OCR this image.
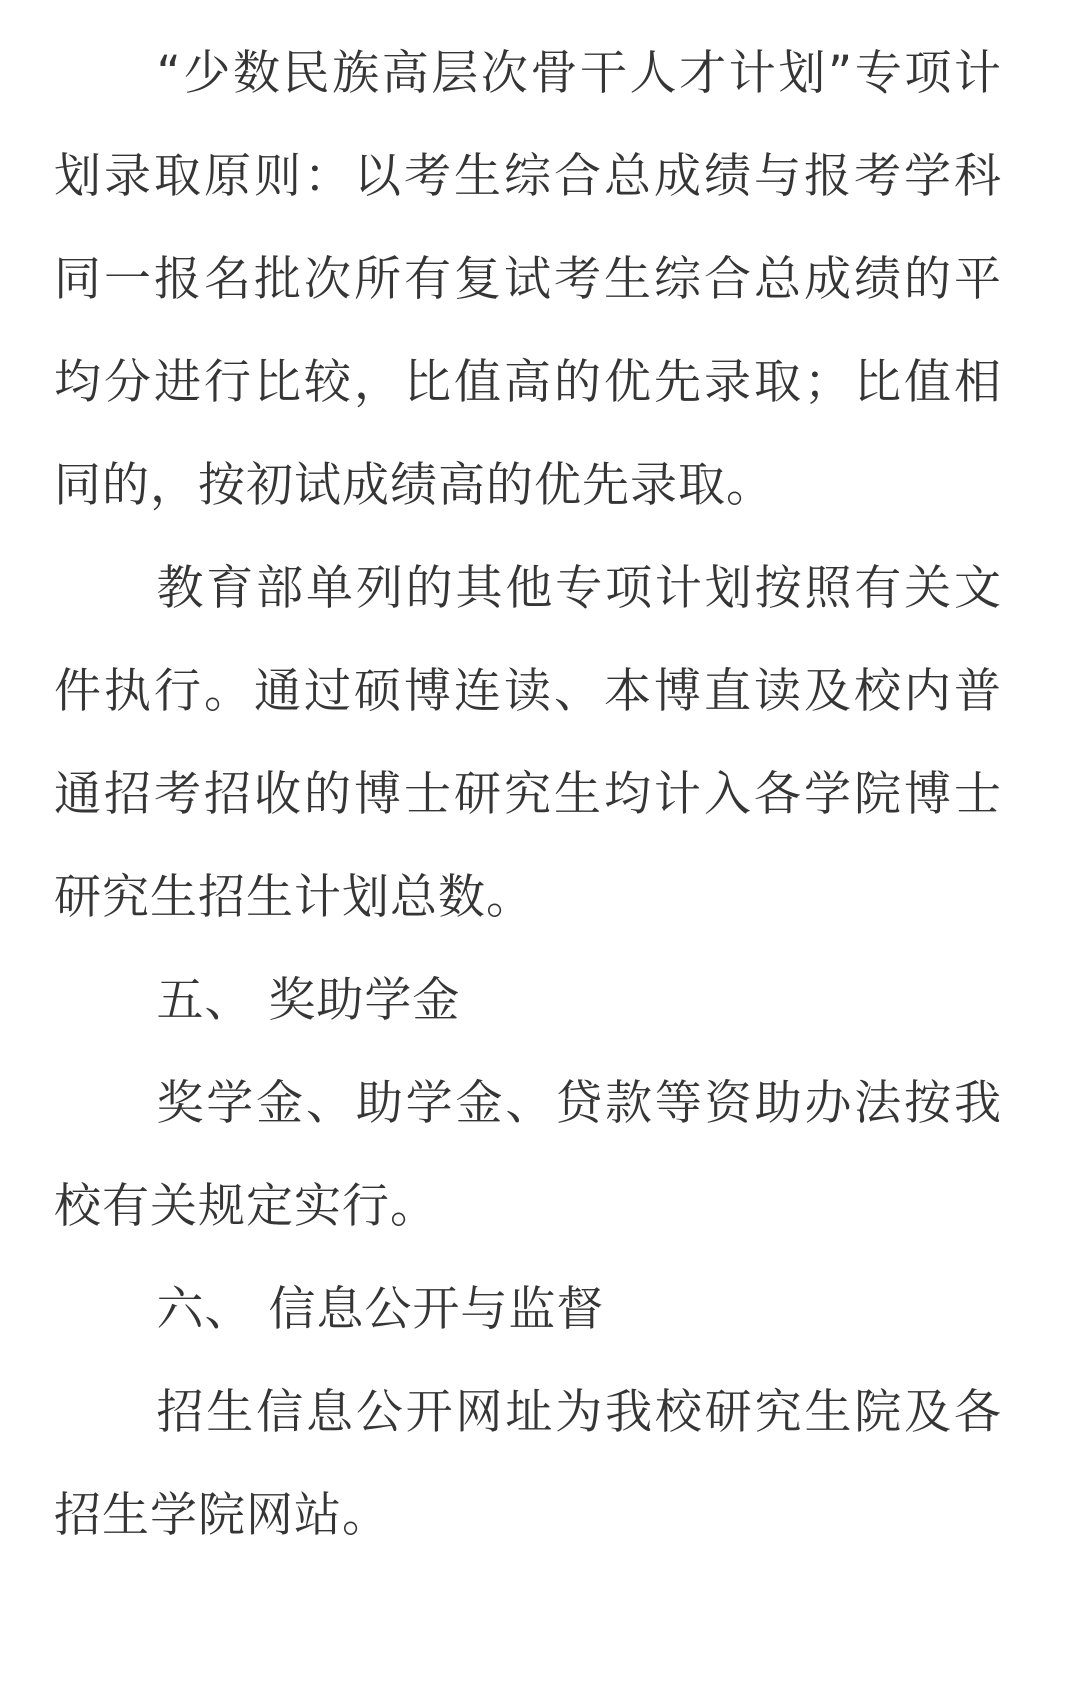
“少数民族高层次骨干人才计划”专项计划录取原则：以考生综合总成绩与报考学科同一报名批次所有复试考生综合总成绩的平均分进行比较，比值高的优先录取；比值相同的，按初试成绩高的优先录取。

教育部单列的其他专项计划按照有关文件执行。通过硕博连读、本博直读及校内普通招考招收的博士研究生均计入各学院博士研究生招生计划总数。

五、 奖助学金

奖学金、助学金、贷款等资助办法按我校有关规定实行。

六、 信息公开与监督

招生信息公开网址为我校研究生院及各招生学院网站。
